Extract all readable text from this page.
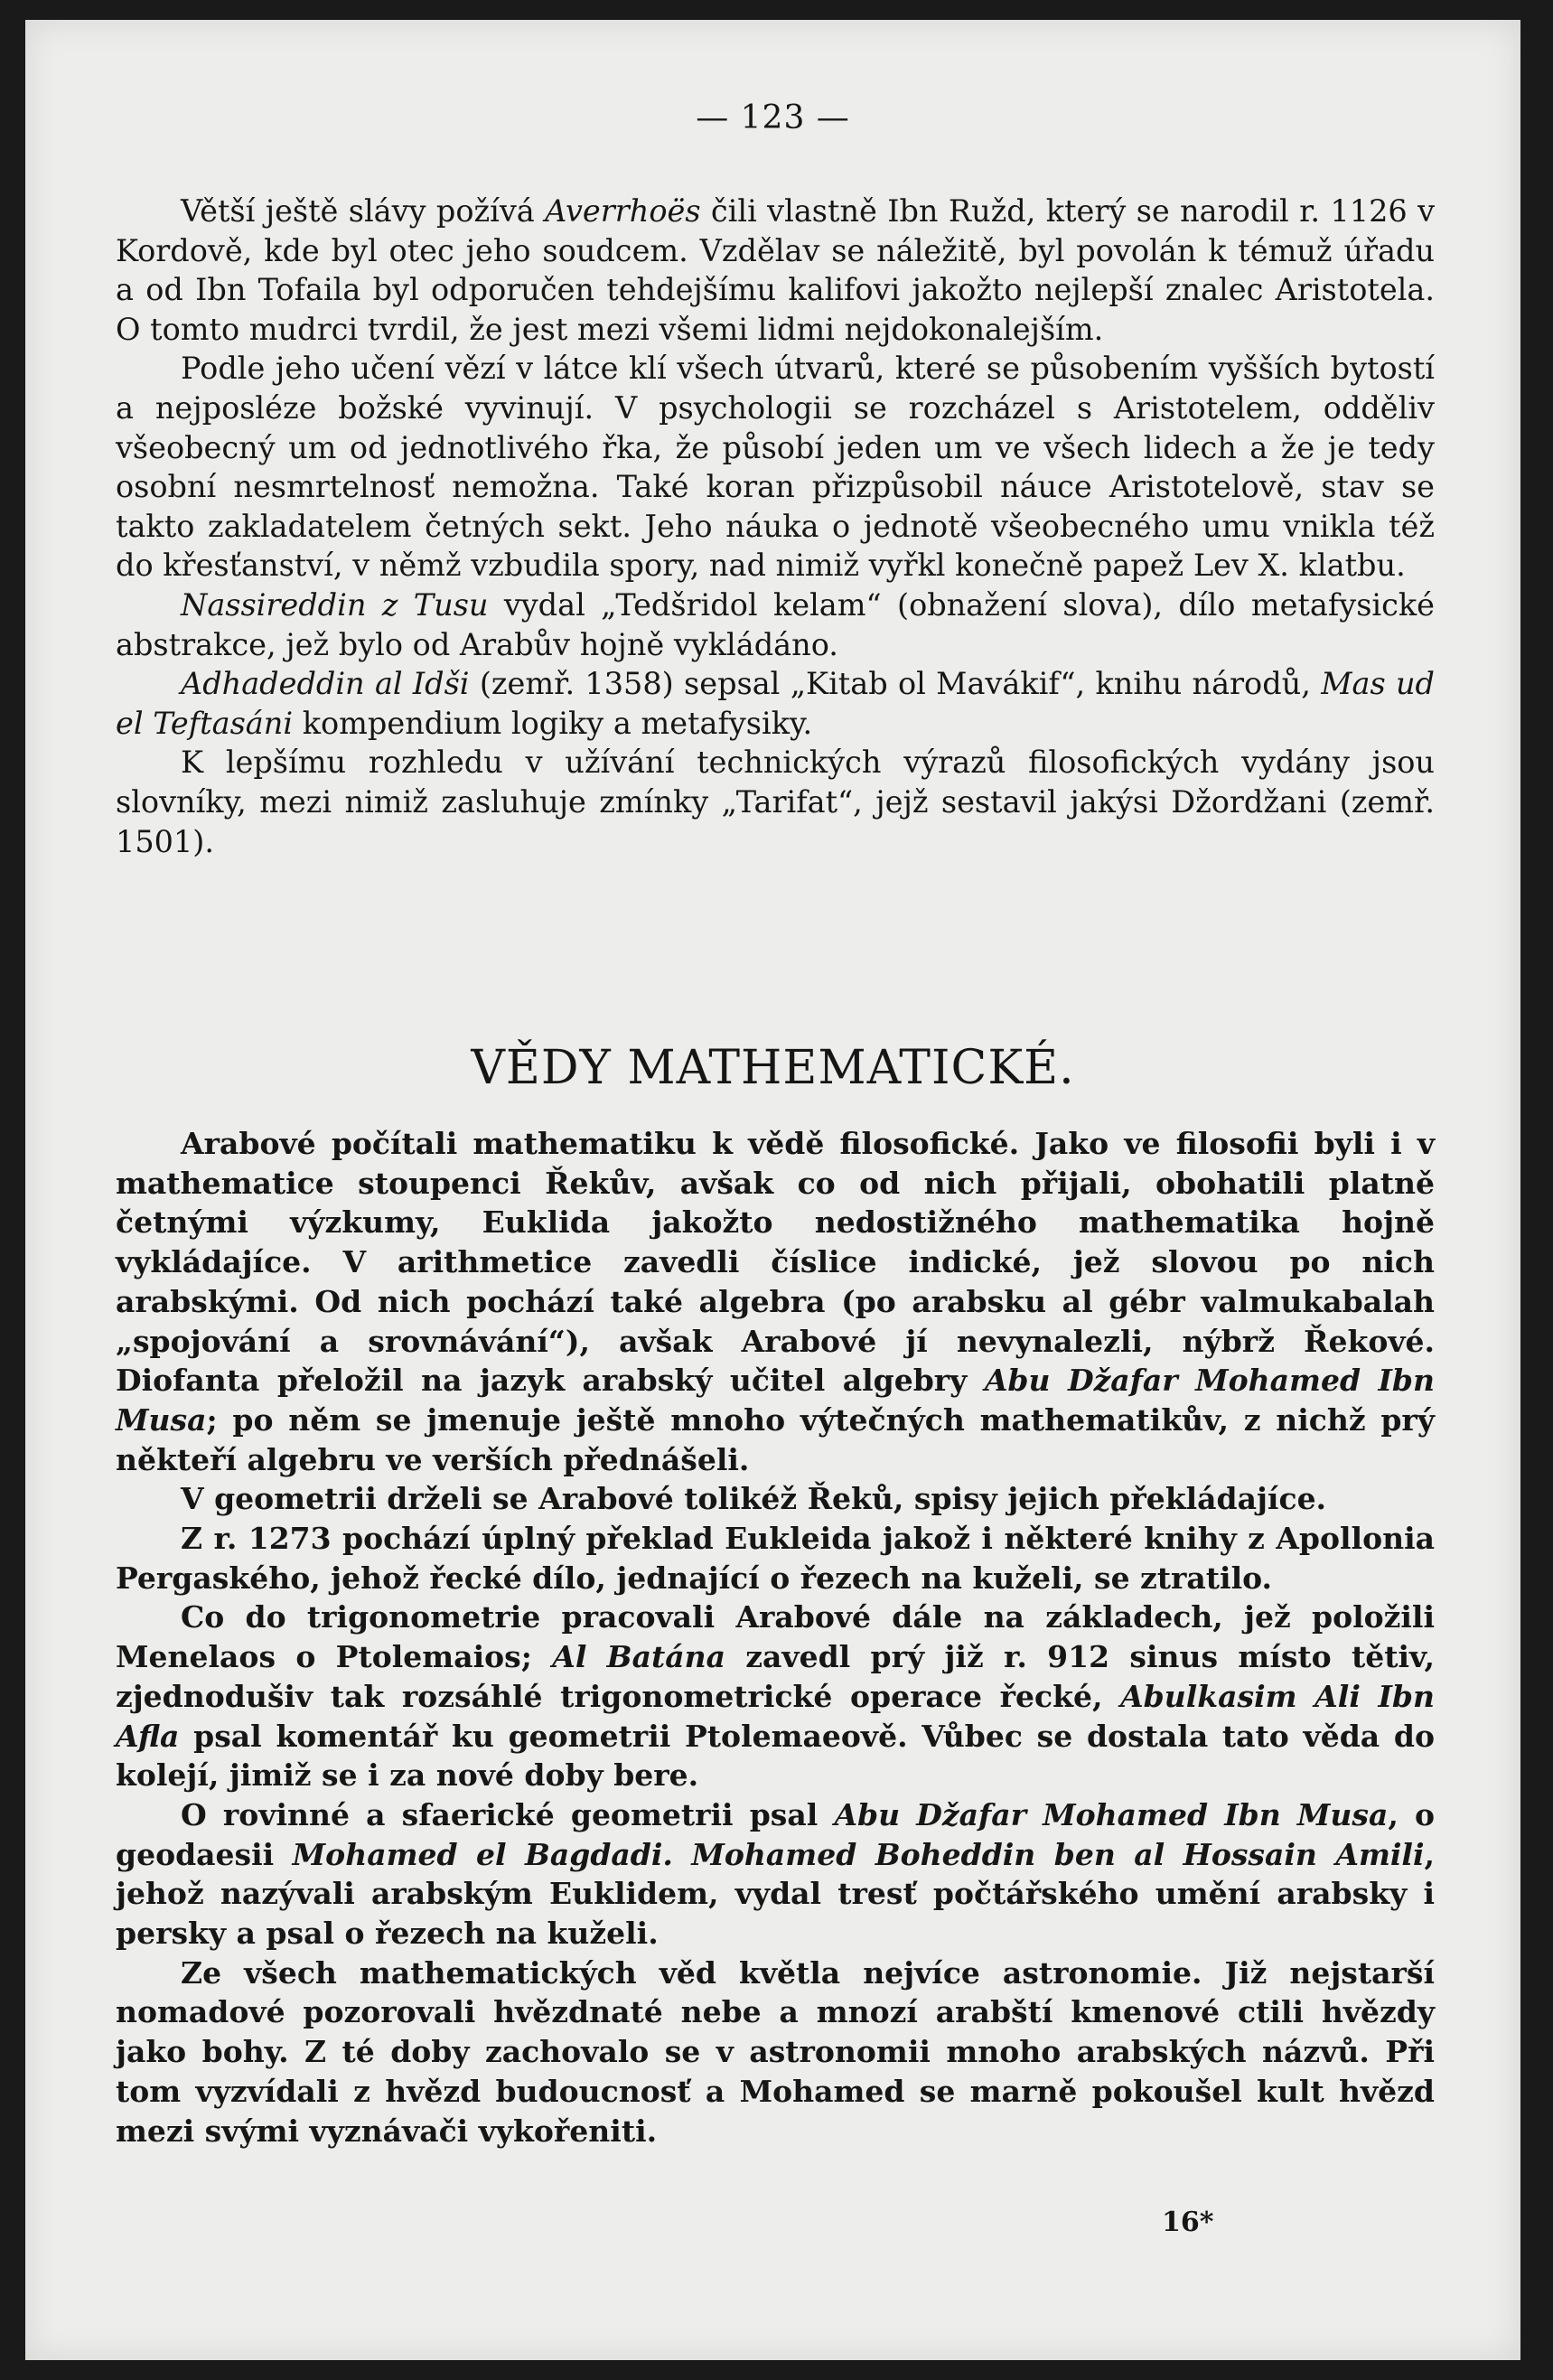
— 123 —

Větší ještě slávy požívá Averrhoës čili vlastně Ibn Ružd, který se narodil r. 1126 v Kordově, kde byl otec jeho soudcem. Vzdělav se náležitě, byl povolán k témuž úřadu a od Ibn Tofaila byl odporučen tehdejšímu kalifovi jakožto nejlepší znalec Aristotela. O tomto mudrci tvrdil, že jest mezi všemi lidmi nejdokonalejším.

Podle jeho učení vězí v látce klí všech útvarů, které se působením vyšších bytostí a nejposléze božské vyvinují. V psychologii se rozcházel s Aristotelem, odděliv všeobecný um od jednotlivého řka, že působí jeden um ve všech lidech a že je tedy osobní nesmrtelnosť nemožna. Také koran přizpůsobil náuce Aristotelově, stav se takto zakladatelem četných sekt. Jeho náuka o jednotě všeobecného umu vnikla též do křesťanství, v němž vzbudila spory, nad nimiž vyřkl konečně papež Lev X. klatbu.

Nassireddin z Tusu vydal „Tedšridol kelam“ (obnažení slova), dílo metafysické abstrakce, jež bylo od Arabův hojně vykládáno.

Adhadeddin al Idši (zemř. 1358) sepsal „Kitab ol Mavákif“, knihu národů, Mas ud el Teftasáni kompendium logiky a metafysiky.

K lepšímu rozhledu v užívání technických výrazů filosofických vydány jsou slovníky, mezi nimiž zasluhuje zmínky „Tarifat“, jejž sestavil jakýsi Džordžani (zemř. 1501).

VĚDY MATHEMATICKÉ.

Arabové počítali mathematiku k vědě filosofické. Jako ve filosofii byli i v mathematice stoupenci Řekův, avšak co od nich přijali, obohatili platně četnými výzkumy, Euklida jakožto nedostižného mathematika hojně vykládajíce. V arithmetice zavedli číslice indické, jež slovou po nich arabskými. Od nich pochází také algebra (po arabsku al gébr valmukabalah „spojování a srovnávání“), avšak Arabové jí nevynalezli, nýbrž Řekové. Diofanta přeložil na jazyk arabský učitel algebry Abu Džafar Mohamed Ibn Musa; po něm se jmenuje ještě mnoho výtečných mathematikův, z nichž prý někteří algebru ve verších přednášeli.

V geometrii drželi se Arabové tolikéž Řeků, spisy jejich překládajíce.

Z r. 1273 pochází úplný překlad Eukleida jakož i některé knihy z Apollonia Pergaského, jehož řecké dílo, jednající o řezech na kuželi, se ztratilo.

Co do trigonometrie pracovali Arabové dále na základech, jež položili Menelaos o Ptolemaios; Al Batána zavedl prý již r. 912 sinus místo tětiv, zjednodušiv tak rozsáhlé trigonometrické operace řecké, Abulkasim Ali Ibn Afla psal komentář ku geometrii Ptolemaeově. Vůbec se dostala tato věda do kolejí, jimiž se i za nové doby bere.

O rovinné a sfaerické geometrii psal Abu Džafar Mohamed Ibn Musa, o geodaesii Mohamed el Bagdadi. Mohamed Boheddin ben al Hossain Amili, jehož nazývali arabským Euklidem, vydal tresť počtářského umění arabsky i persky a psal o řezech na kuželi.

Ze všech mathematických věd květla nejvíce astronomie. Již nejstarší nomadové pozorovali hvězdnaté nebe a mnozí arabští kmenové ctili hvězdy jako bohy. Z té doby zachovalo se v astronomii mnoho arabských názvů. Při tom vyzvídali z hvězd budoucnosť a Mohamed se marně pokoušel kult hvězd mezi svými vyznávači vykořeniti.

16*
